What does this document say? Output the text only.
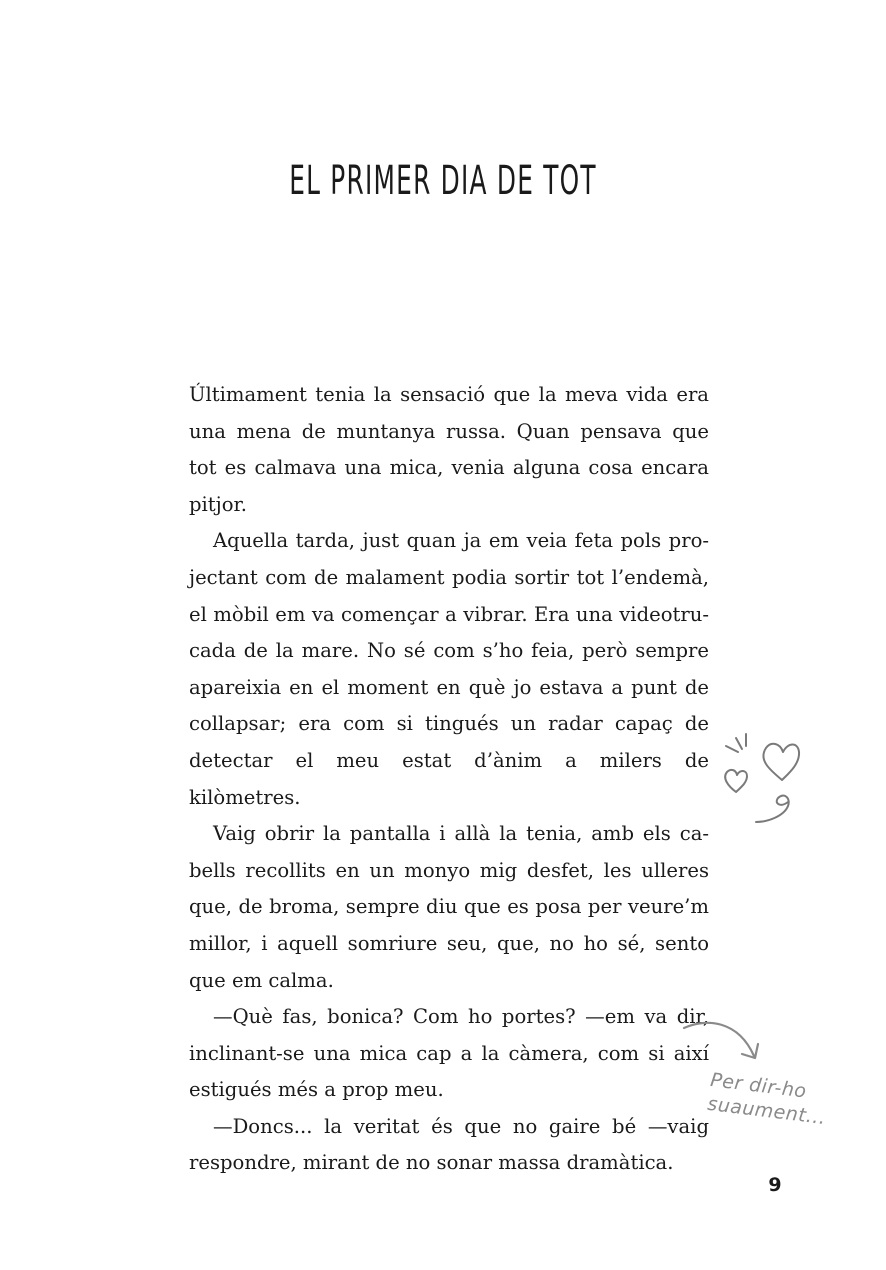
EL PRIMER DIA DE TOT

Últimament tenia la sensació que la meva vida era una mena de muntanya russa. Quan pensava que tot es calmava una mica, venia alguna cosa encara pitjor.

Aquella tarda, just quan ja em veia feta pols projectant com de malament podia sortir tot l’endemà, el mòbil em va començar a vibrar. Era una videotrucada de la mare. No sé com s’ho feia, però sempre apareixia en el moment en què jo estava a punt de collapsar; era com si tingués un radar capaç de detectar el meu estat d’ànim a milers de kilòmetres.

Vaig obrir la pantalla i allà la tenia, amb els cabells recollits en un monyo mig desfet, les ulleres que, de broma, sempre diu que es posa per veure’m millor, i aquell somriure seu, que, no ho sé, sento que em calma.

—Què fas, bonica? Com ho portes? —em va dir, inclinant-se una mica cap a la càmera, com si així estigués més a prop meu.

—Doncs... la veritat és que no gaire bé —vaig respondre, mirant de no sonar massa dramàtica.

Per dir-ho
suaument...
9
